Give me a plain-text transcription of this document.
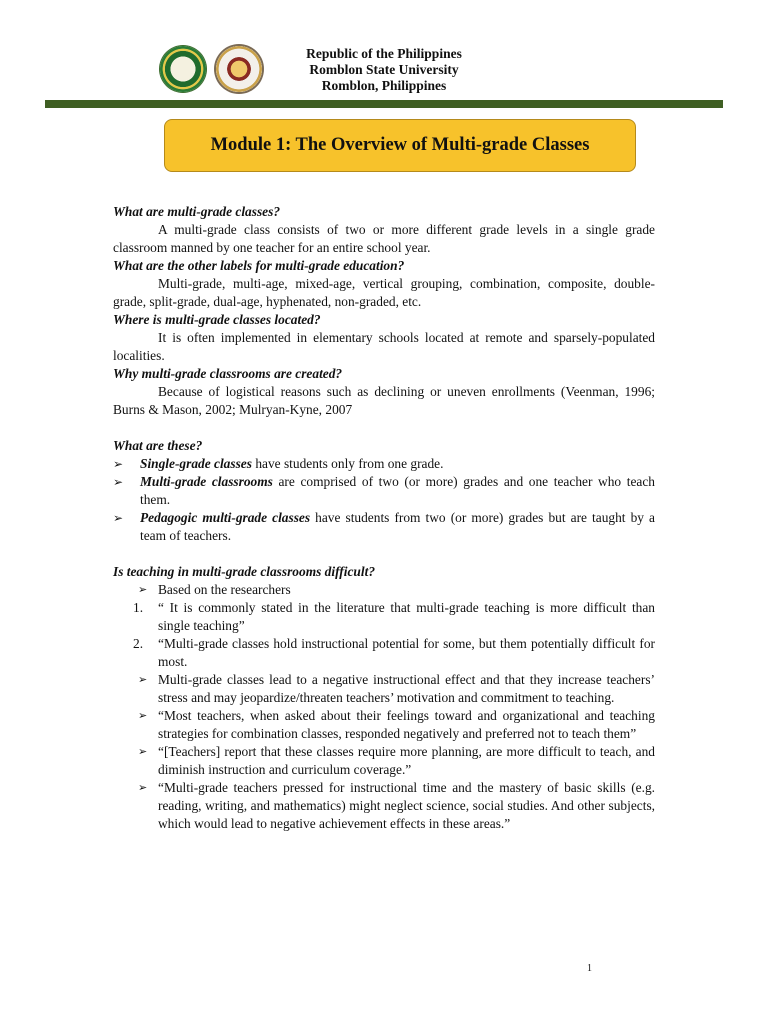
Republic of the Philippines
Romblon State University
Romblon, Philippines
Module 1: The Overview of Multi-grade Classes
What are multi-grade classes?
A multi-grade class consists of two or more different grade levels in a single grade classroom manned by one teacher for an entire school year.
What are the other labels for multi-grade education?
Multi-grade, multi-age, mixed-age, vertical grouping, combination, composite, double-grade, split-grade, dual-age, hyphenated, non-graded, etc.
Where is multi-grade classes located?
It is often implemented in elementary schools located at remote and sparsely-populated localities.
Why multi-grade classrooms are created?
Because of logistical reasons such as declining or uneven enrollments (Veenman, 1996; Burns & Mason, 2002; Mulryan-Kyne, 2007
What are these?
➢ Single-grade classes have students only from one grade.
➢ Multi-grade classrooms are comprised of two (or more) grades and one teacher who teach them.
➢ Pedagogic multi-grade classes have students from two (or more) grades but are taught by a team of teachers.
Is teaching in multi-grade classrooms difficult?
➢ Based on the researchers
1. “ It is commonly stated in the literature that multi-grade teaching is more difficult than single teaching”
2. “Multi-grade classes hold instructional potential for some, but them potentially difficult for most.
➢ Multi-grade classes lead to a negative instructional effect and that they increase teachers’ stress and may jeopardize/threaten teachers’ motivation and commitment to teaching.
➢ “Most teachers, when asked about their feelings toward and organizational and teaching strategies for combination classes, responded negatively and preferred not to teach them”
➢ “[Teachers] report that these classes require more planning, are more difficult to teach, and diminish instruction and curriculum coverage.”
➢ “Multi-grade teachers pressed for instructional time and the mastery of basic skills (e.g. reading, writing, and mathematics) might neglect science, social studies. And other subjects, which would lead to negative achievement effects in these areas.”
1
